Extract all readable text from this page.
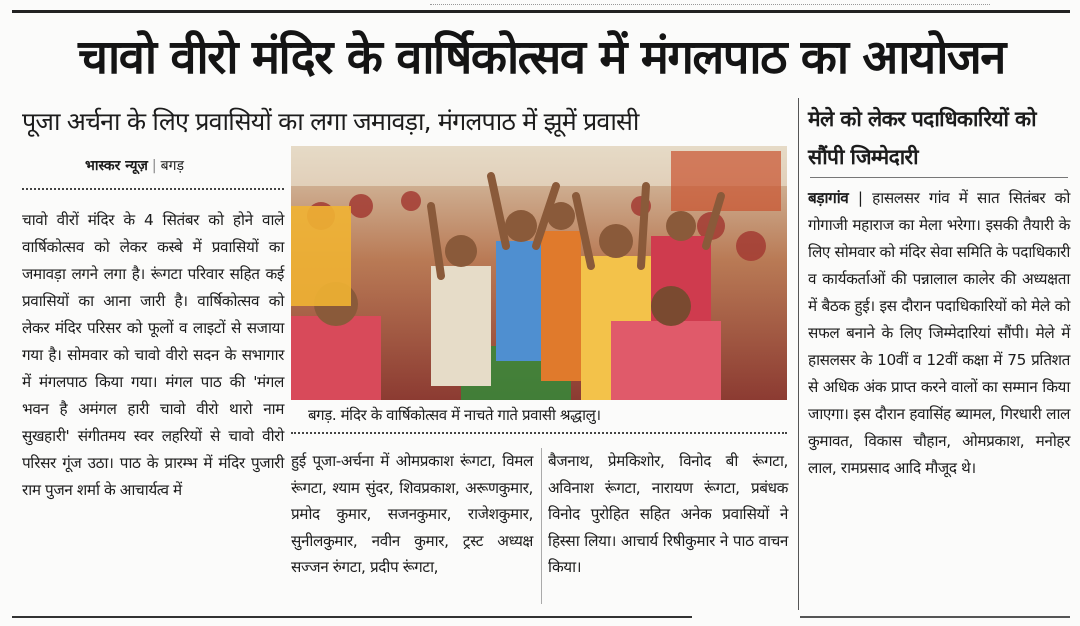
चावो वीरो मंदिर के वार्षिकोत्सव में मंगलपाठ का आयोजन
पूजा अर्चना के लिए प्रवासियों का लगा जमावड़ा, मंगलपाठ में झूमें प्रवासी	मेले को लेकर पदाधिकारियों को सौंपी जिम्मेदारी
भास्कर न्यूज़ | बगड़
चावो वीरों मंदिर के 4 सितंबर को होने वाले वार्षिकोत्सव को लेकर कस्बे में प्रवासियों का जमावड़ा लगने लगा है। रूंगटा परिवार सहित कई प्रवासियों का आना जारी है। वार्षिकोत्सव को लेकर मंदिर परिसर को फूलों व लाइटों से सजाया गया है। सोमवार को चावो वीरो सदन के सभागार में मंगलपाठ किया गया। मंगल पाठ की 'मंगल भवन है अमंगल हारी चावो वीरो थारो नाम सुखहारी' संगीतमय स्वर लहरियों से चावो वीरो परिसर गूंज उठा। पाठ के प्रारम्भ में मंदिर पुजारी राम पुजन शर्मा के आचार्यत्व में
बगड़. मंदिर के वार्षिकोत्सव में नाचते गाते प्रवासी श्रद्धालु।
हुई पूजा-अर्चना में ओमप्रकाश रूंगटा, विमल रूंगटा, श्याम सुंदर, शिवप्रकाश, अरूणकुमार, प्रमोद कुमार, सजनकुमार, राजेशकुमार, सुनीलकुमार, नवीन कुमार, ट्रस्ट अध्यक्ष सज्जन रुंगटा, प्रदीप रूंगटा,
बैजनाथ, प्रेमकिशोर, विनोद बी रूंगटा, अविनाश रूंगटा, नारायण रूंगटा, प्रबंधक विनोद पुरोहित सहित अनेक प्रवासियों ने हिस्सा लिया। आचार्य रिषीकुमार ने पाठ वाचन किया।
बड़ागांव | हासलसर गांव में सात सितंबर को गोगाजी महाराज का मेला भरेगा। इसकी तैयारी के लिए सोमवार को मंदिर सेवा समिति के पदाधिकारी व कार्यकर्ताओं की पन्नालाल कालेर की अध्यक्षता में बैठक हुई। इस दौरान पदाधिकारियों को मेले को सफल बनाने के लिए जिम्मेदारियां सौंपी। मेले में हासलसर के 10वीं व 12वीं कक्षा में 75 प्रतिशत से अधिक अंक प्राप्त करने वालों का सम्मान किया जाएगा। इस दौरान हवासिंह ब्यामल, गिरधारी लाल कुमावत, विकास चौहान, ओमप्रकाश, मनोहर लाल, रामप्रसाद आदि मौजूद थे।
